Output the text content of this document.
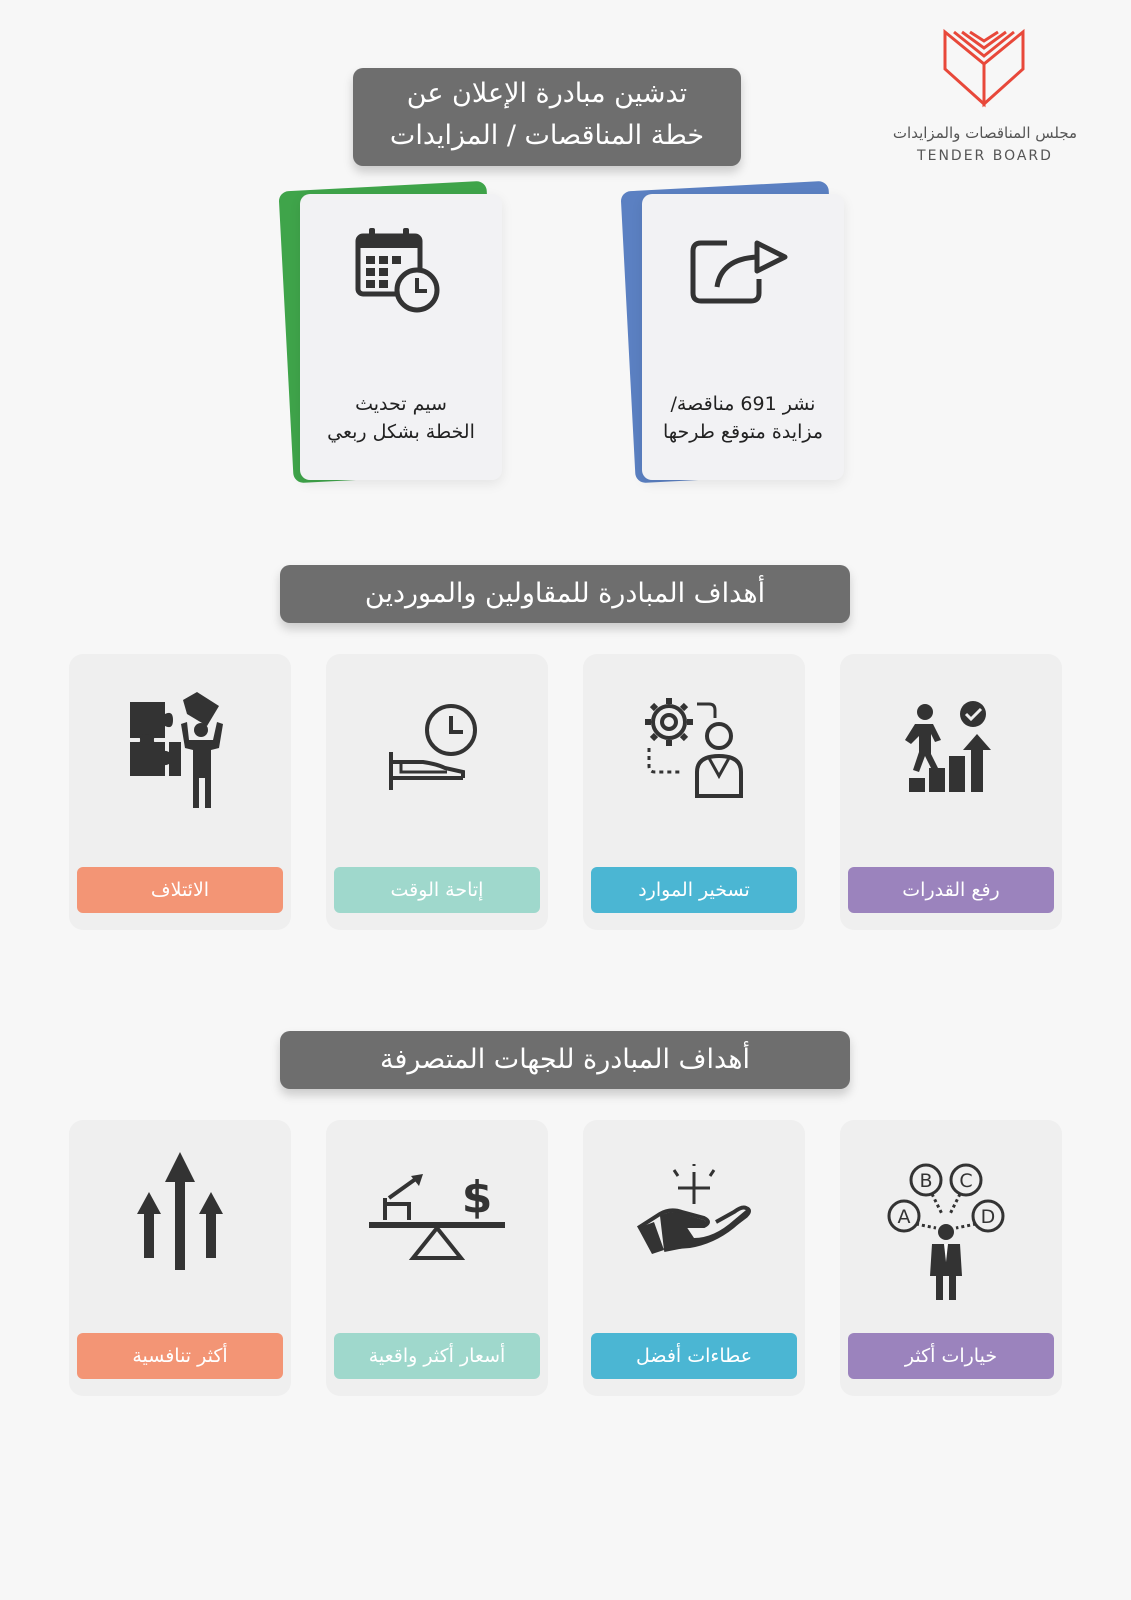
مجلس المناقصات والمزايدات
TENDER BOARD
تدشين مبادرة الإعلان عن
خطة المناقصات / المزايدات
سيم تحديث
الخطة بشكل ربعي
نشر 691 مناقصة/
مزايدة متوقع طرحها
أهداف المبادرة للمقاولين والموردين
الائتلاف	إتاحة الوقت	تسخير الموارد	رفع القدرات
أهداف المبادرة للجهات المتصرفة
أكثر تنافسية
$
أسعار أكثر واقعية	عطاءات أفضل
A
B C
D
خيارات أكثر
